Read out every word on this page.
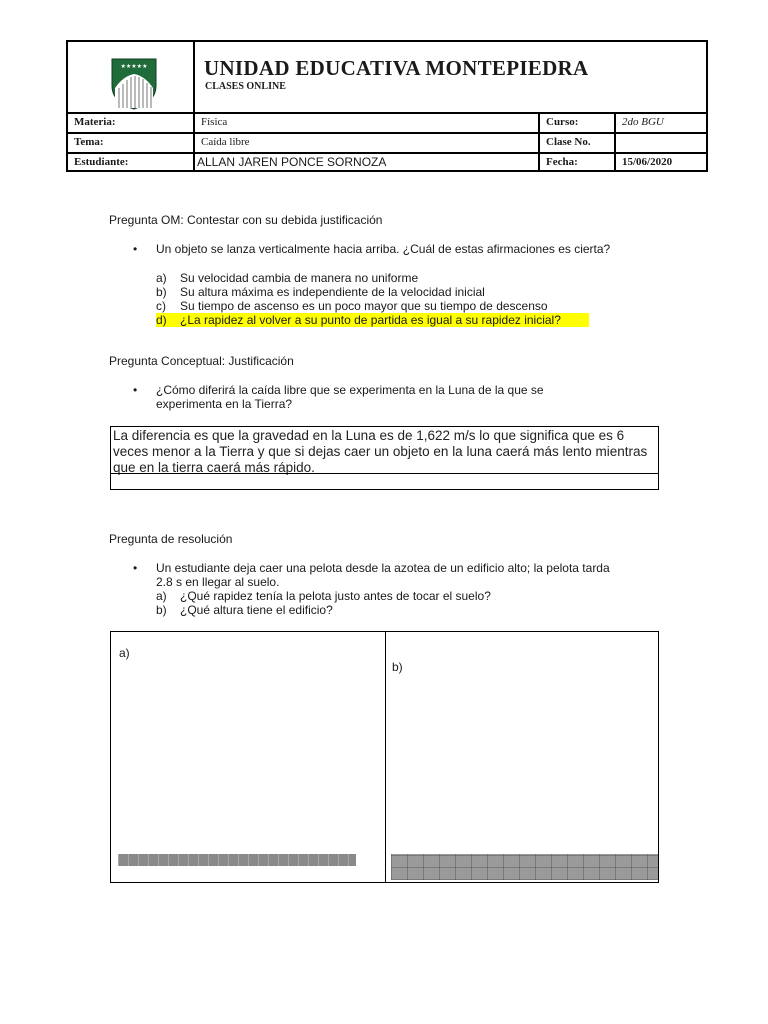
★★★★★	UNIDAD EDUCATIVA MONTEPIEDRA
CLASES ONLINE
Materia:	Física	Curso:	2do BGU
Tema:	Caída libre	Clase No.
Estudiante:	ALLAN JAREN PONCE SORNOZA	Fecha:	15/06/2020
Pregunta OM: Contestar con su debida justificación
• Un objeto se lanza verticalmente hacia arriba. ¿Cuál de estas afirmaciones es cierta?
a) Su velocidad cambia de manera no uniforme
b) Su altura máxima es independiente de la velocidad inicial
c) Su tiempo de ascenso es un poco mayor que su tiempo de descenso
d) ¿La rapidez al volver a su punto de partida es igual a su rapidez inicial?
Pregunta Conceptual: Justificación
• ¿Cómo diferirá la caída libre que se experimenta en la Luna de la que se
experimenta en la Tierra?
La diferencia es que la gravedad en la Luna es de 1,622 m/s lo que significa que es 6 veces menor a la Tierra y que si dejas caer un objeto en la luna caerá más lento mientras que en la tierra caerá más rápido.
Pregunta de resolución
• Un estudiante deja caer una pelota desde la azotea de un edificio alto; la pelota tarda
2.8 s en llegar al suelo.
a) ¿Qué rapidez tenía la pelota justo antes de tocar el suelo?
b) ¿Qué altura tiene el edificio?
a)
b)
